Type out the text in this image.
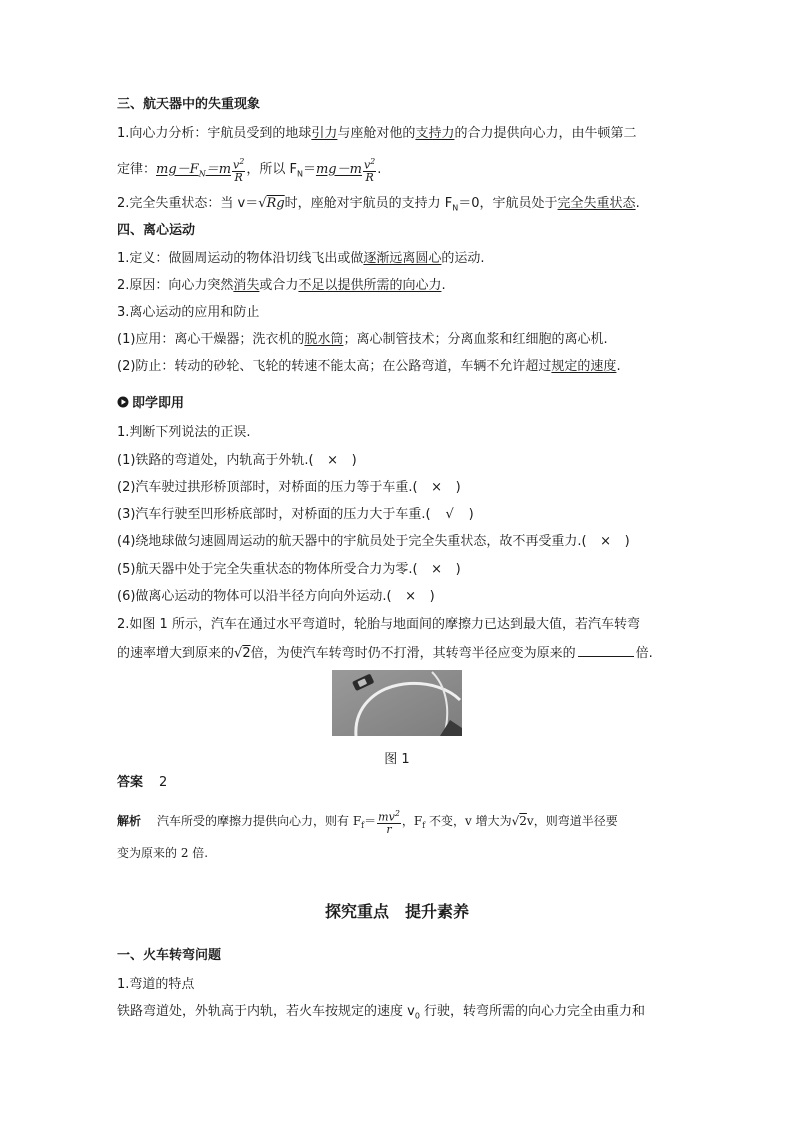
三、航天器中的失重现象
1.向心力分析：宇航员受到的地球引力与座舱对他的支持力的合力提供向心力，由牛顿第二
定律：$mg-F_N=m \frac{v^2}{R}$ ，所以 $F_N=mg-m \frac{v^2}{R}$ .
2.完全失重状态：当 v＝√Rg时，座舱对宇航员的支持力 $F_N=0$，宇航员处于完全失重状态.
四、离心运动
1.定义：做圆周运动的物体沿切线飞出或做逐渐远离圆心的运动.
2.原因：向心力突然消失或合力不足以提供所需的向心力.
3.离心运动的应用和防止
(1)应用：离心干燥器；洗衣机的脱水筒；离心制管技术；分离血浆和红细胞的离心机.
(2)防止：转动的砂轮、飞轮的转速不能太高；在公路弯道，车辆不允许超过规定的速度.
即学即用
1.判断下列说法的正误.
(1)铁路的弯道处，内轨高于外轨.( × )
(2)汽车驶过拱形桥顶部时，对桥面的压力等于车重.( × )
(3)汽车行驶至凹形桥底部时，对桥面的压力大于车重.( √ )
(4)绕地球做匀速圆周运动的航天器中的宇航员处于完全失重状态，故不再受重力.( × )
(5)航天器中处于完全失重状态的物体所受合力为零.( × )
(6)做离心运动的物体可以沿半径方向向外运动.( × )
2.如图 1 所示，汽车在通过水平弯道时，轮胎与地面间的摩擦力已达到最大值，若汽车转弯
的速率增大到原来的√2倍，为使汽车转弯时仍不打滑，其转弯半径应变为原来的	倍.
图 1
答案 2
解析 汽车所受的摩擦力提供向心力，则有 $F_f= \frac{mv^2}{r}$ ，$F_f$ 不变，v 增大为√2v，则弯道半径要
变为原来的 2 倍.
探究重点　提升素养
一、火车转弯问题
1.弯道的特点
铁路弯道处，外轨高于内轨，若火车按规定的速度 $v_0$ 行驶，转弯所需的向心力完全由重力和
